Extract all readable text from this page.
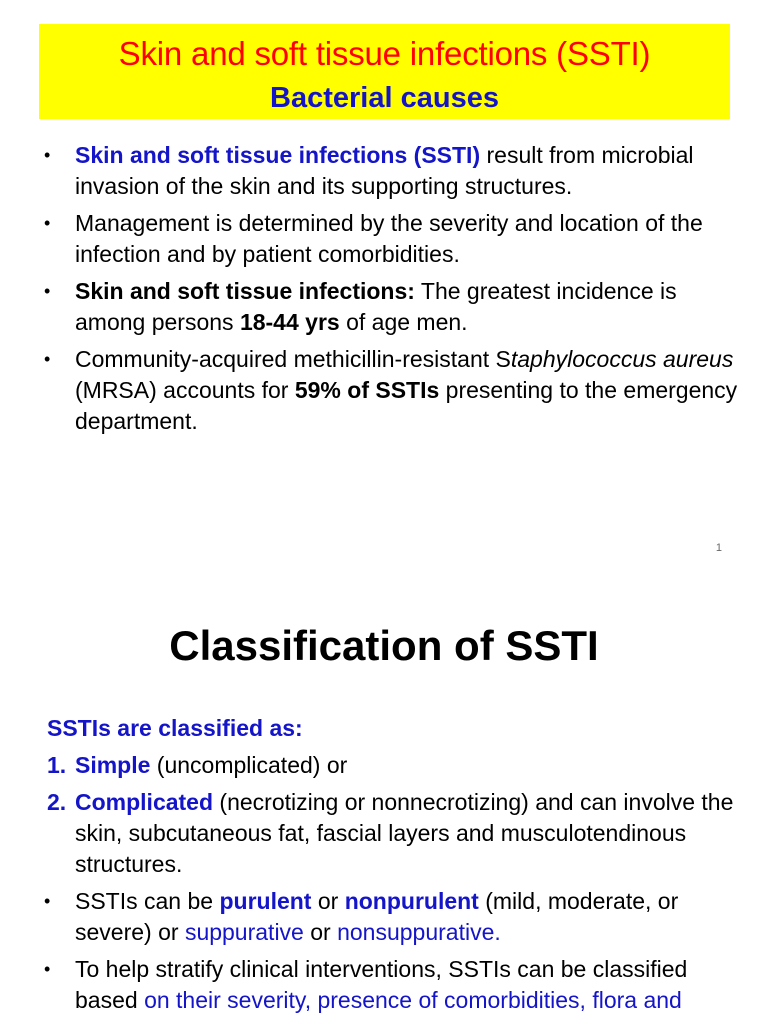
Skin and soft tissue infections (SSTI)
Bacterial causes
• Skin and soft tissue infections (SSTI) result from microbial invasion of the skin and its supporting structures.
• Management is determined by the severity and location of the infection and by patient comorbidities.
• Skin and soft tissue infections: The greatest incidence is among persons 18-44 yrs of age men.
• Community-acquired methicillin-resistant Staphylococcus aureus (MRSA) accounts for 59% of SSTIs presenting to the emergency department.
1
Classification of SSTI
SSTIs are classified as:
1. Simple (uncomplicated) or
2. Complicated (necrotizing or nonnecrotizing) and can involve the skin, subcutaneous fat, fascial layers and musculotendinous structures.
• SSTIs can be purulent or nonpurulent (mild, moderate, or severe) or suppurative or nonsuppurative.
• To help stratify clinical interventions, SSTIs can be classified based on their severity, presence of comorbidities, flora and
